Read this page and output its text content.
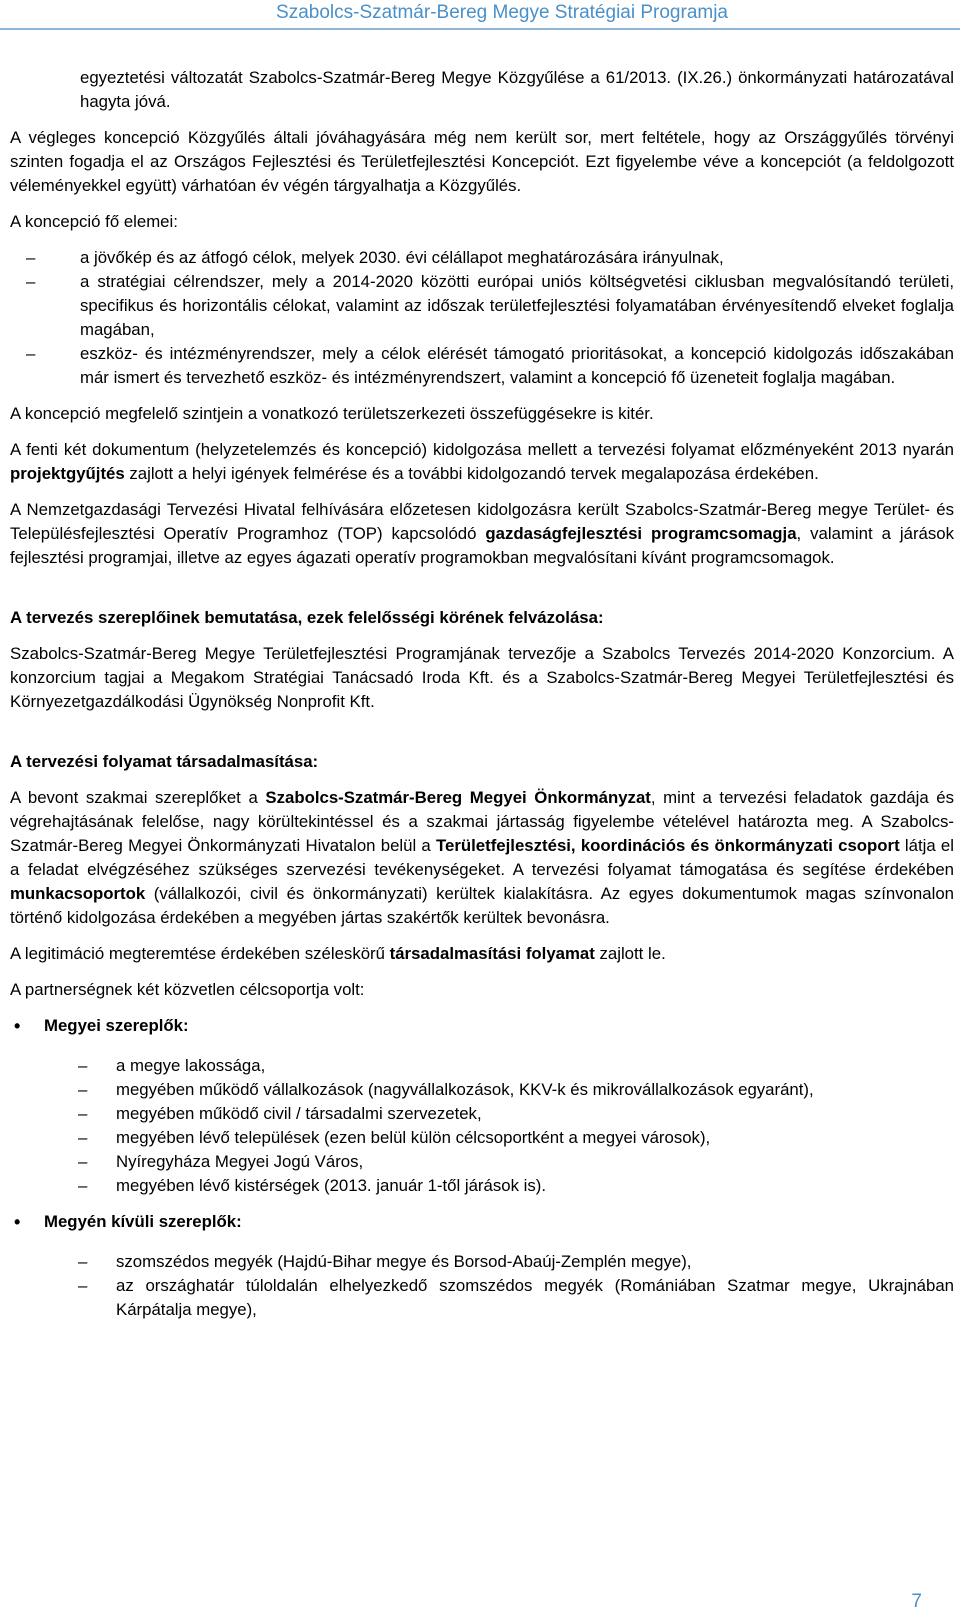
Szabolcs-Szatmár-Bereg Megye Stratégiai Programja

egyeztetési változatát Szabolcs-Szatmár-Bereg Megye Közgyűlése a 61/2013. (IX.26.) önkormányzati határozatával hagyta jóvá.

A végleges koncepció Közgyűlés általi jóváhagyására még nem került sor, mert feltétele, hogy az Országgyűlés törvényi szinten fogadja el az Országos Fejlesztési és Területfejlesztési Koncepciót. Ezt figyelembe véve a koncepciót (a feldolgozott véleményekkel együtt) várhatóan év végén tárgyalhatja a Közgyűlés.

A koncepció fő elemei:

– a jövőkép és az átfogó célok, melyek 2030. évi célállapot meghatározására irányulnak,
– a stratégiai célrendszer, mely a 2014-2020 közötti európai uniós költségvetési ciklusban megvalósítandó területi, specifikus és horizontális célokat, valamint az időszak területfejlesztési folyamatában érvényesítendő elveket foglalja magában,
– eszköz- és intézményrendszer, mely a célok elérését támogató prioritásokat, a koncepció kidolgozás időszakában már ismert és tervezhető eszköz- és intézményrendszert, valamint a koncepció fő üzeneteit foglalja magában.

A koncepció megfelelő szintjein a vonatkozó területszerkezeti összefüggésekre is kitér.

A fenti két dokumentum (helyzetelemzés és koncepció) kidolgozása mellett a tervezési folyamat előzményeként 2013 nyarán projektgyűjtés zajlott a helyi igények felmérése és a további kidolgozandó tervek megalapozása érdekében.

A Nemzetgazdasági Tervezési Hivatal felhívására előzetesen kidolgozásra került Szabolcs-Szatmár-Bereg megye Terület- és Településfejlesztési Operatív Programhoz (TOP) kapcsolódó gazdaságfejlesztési programcsomagja, valamint a járások fejlesztési programjai, illetve az egyes ágazati operatív programokban megvalósítani kívánt programcsomagok.

A tervezés szereplőinek bemutatása, ezek felelősségi körének felvázolása:

Szabolcs-Szatmár-Bereg Megye Területfejlesztési Programjának tervezője a Szabolcs Tervezés 2014-2020 Konzorcium. A konzorcium tagjai a Megakom Stratégiai Tanácsadó Iroda Kft. és a Szabolcs-Szatmár-Bereg Megyei Területfejlesztési és Környezetgazdálkodási Ügynökség Nonprofit Kft.

A tervezési folyamat társadalmasítása:

A bevont szakmai szereplőket a Szabolcs-Szatmár-Bereg Megyei Önkormányzat, mint a tervezési feladatok gazdája és végrehajtásának felelőse, nagy körültekintéssel és a szakmai jártasság figyelembe vételével határozta meg. A Szabolcs-Szatmár-Bereg Megyei Önkormányzati Hivatalon belül a Területfejlesztési, koordinációs és önkormányzati csoport látja el a feladat elvégzéséhez szükséges szervezési tevékenységeket. A tervezési folyamat támogatása és segítése érdekében munkacsoportok (vállalkozói, civil és önkormányzati) kerültek kialakításra. Az egyes dokumentumok magas színvonalon történő kidolgozása érdekében a megyében jártas szakértők kerültek bevonásra.

A legitimáció megteremtése érdekében széleskörű társadalmasítási folyamat zajlott le.

A partnerségnek két közvetlen célcsoportja volt:

• Megyei szereplők:
– a megye lakossága,
– megyében működő vállalkozások (nagyvállalkozások, KKV-k és mikrovállalkozások egyaránt),
– megyében működő civil / társadalmi szervezetek,
– megyében lévő települések (ezen belül külön célcsoportként a megyei városok),
– Nyíregyháza Megyei Jogú Város,
– megyében lévő kistérségek (2013. január 1-től járások is).
• Megyén kívüli szereplők:
– szomszédos megyék (Hajdú-Bihar megye és Borsod-Abaúj-Zemplén megye),
– az országhatár túloldalán elhelyezkedő szomszédos megyék (Romániában Szatmar megye, Ukrajnában Kárpátalja megye),
7
